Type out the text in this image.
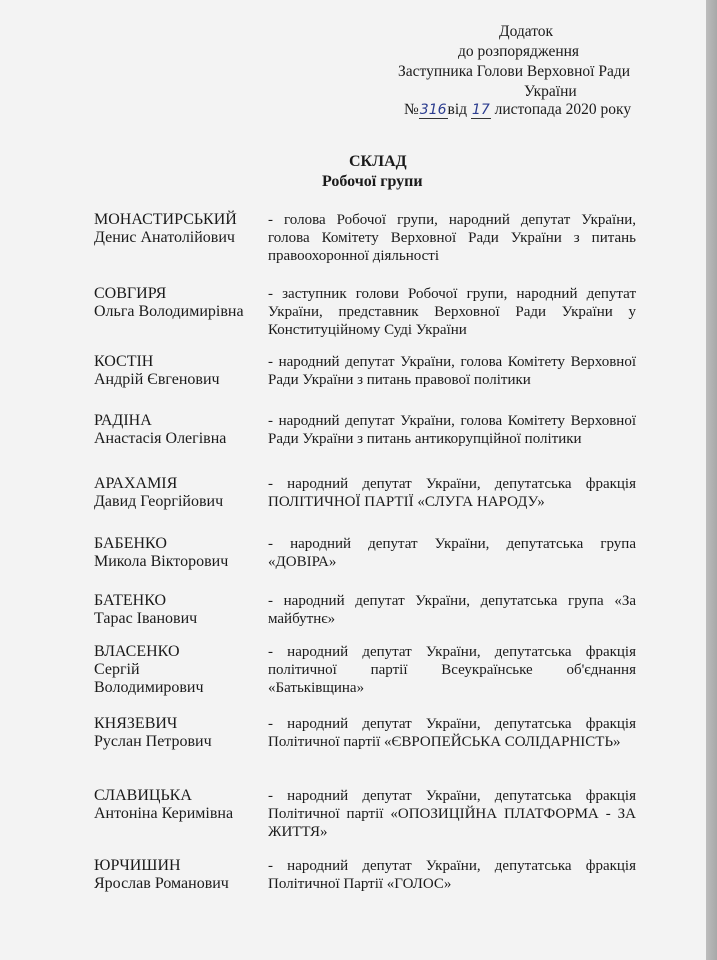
Додаток
до розпорядження
Заступника Голови Верховної Ради
України
№316від 17 листопада 2020 року
СКЛАД
Робочої групи
МОНАСТИРСЬКИЙ
Денис Анатолійович
- голова Робочої групи, народний депутат України, голова Комітету Верховної Ради України з питань правоохоронної діяльності
СОВГИРЯ
Ольга Володимирівна
- заступник голови Робочої групи, народний депутат України, представник Верховної Ради України у Конституційному Суді України
КОСТІН
Андрій Євгенович
- народний депутат України, голова Комітету Верховної Ради України з питань правової політики
РАДІНА
Анастасія Олегівна
- народний депутат України, голова Комітету Верховної Ради України з питань антикорупційної політики
АРАХАМІЯ
Давид Георгійович
- народний депутат України, депутатська фракція ПОЛІТИЧНОЇ ПАРТІЇ «СЛУГА НАРОДУ»
БАБЕНКО
Микола Вікторович
- народний депутат України, депутатська група «ДОВІРА»
БАТЕНКО
Тарас Іванович
- народний депутат України, депутатська група «За майбутнє»
ВЛАСЕНКО
Сергій Володимирович
- народний депутат України, депутатська фракція політичної партії Всеукраїнське об'єднання «Батьківщина»
КНЯЗЕВИЧ
Руслан Петрович
- народний депутат України, депутатська фракція Політичної партії «ЄВРОПЕЙСЬКА СОЛІДАРНІСТЬ»
СЛАВИЦЬКА
Антоніна Керимівна
- народний депутат України, депутатська фракція Політичної партії «ОПОЗИЦІЙНА ПЛАТФОРМА - ЗА ЖИТТЯ»
ЮРЧИШИН
Ярослав Романович
- народний депутат України, депутатська фракція Політичної Партії «ГОЛОС»
